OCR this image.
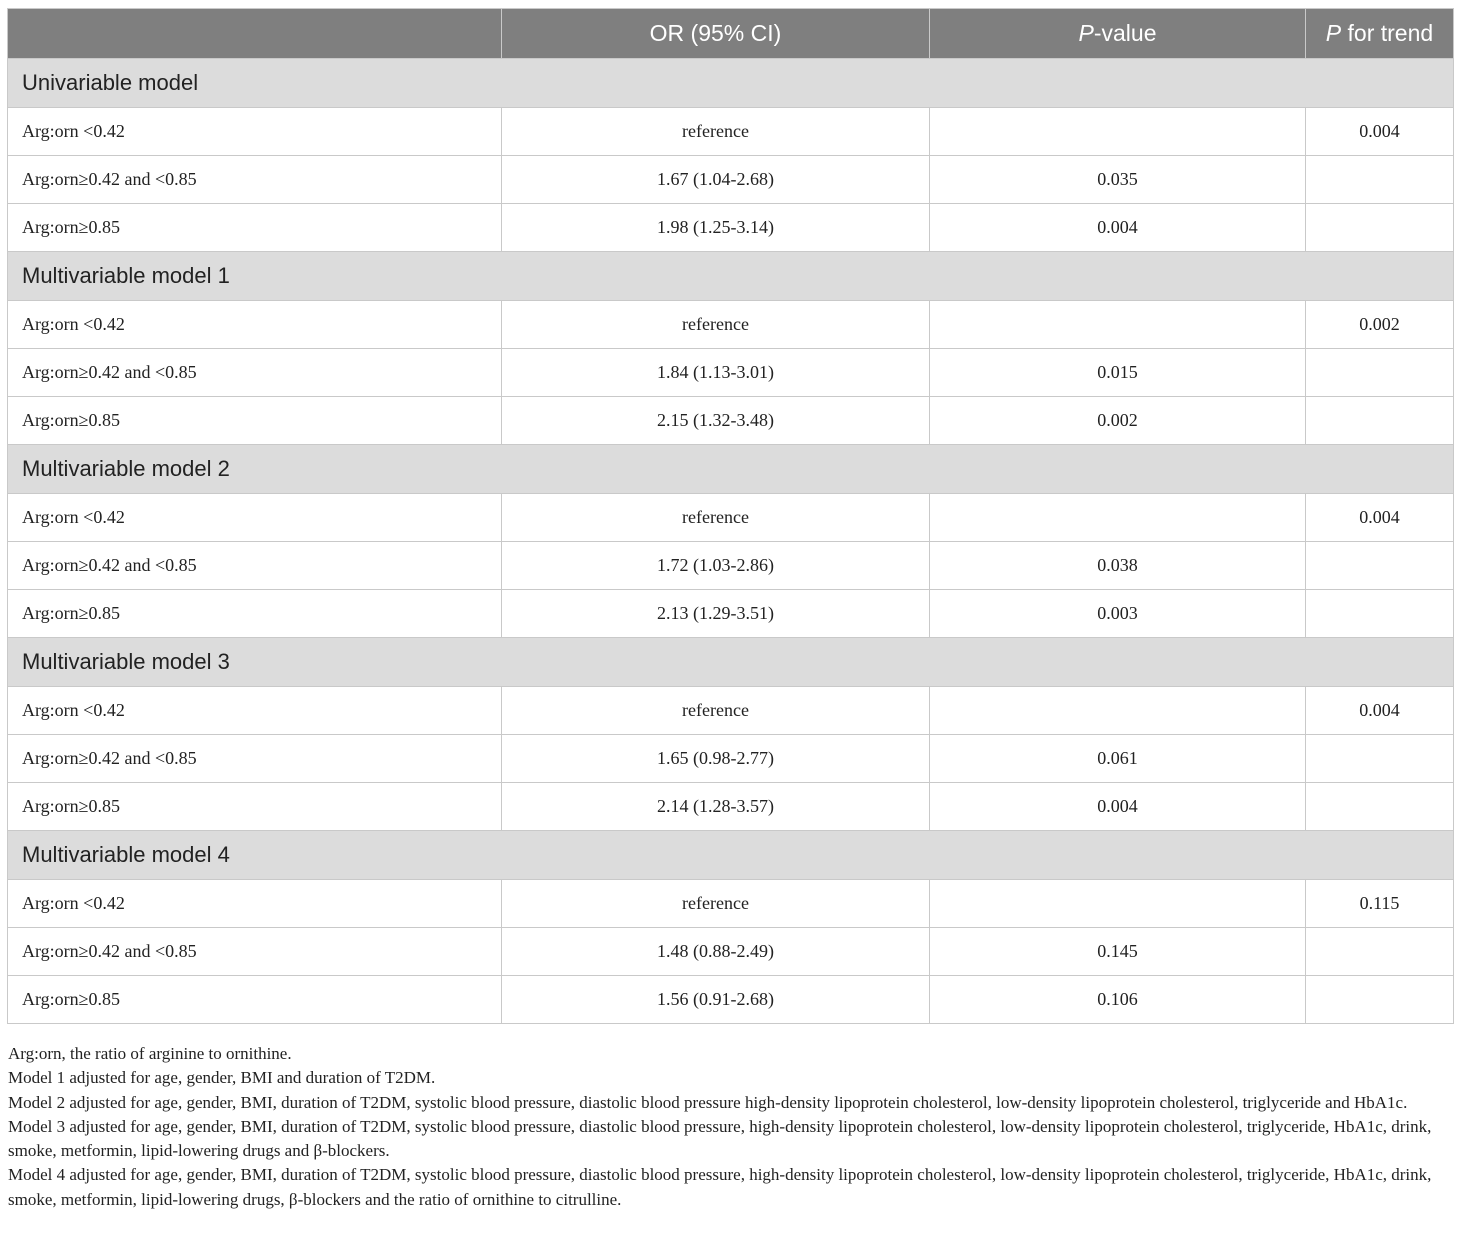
	OR (95% CI)	P-value	P for trend
Univariable model			
Arg:orn <0.42	reference		0.004
Arg:orn≥0.42 and <0.85	1.67 (1.04-2.68)	0.035	
Arg:orn≥0.85	1.98 (1.25-3.14)	0.004	
Multivariable model 1			
Arg:orn <0.42	reference		0.002
Arg:orn≥0.42 and <0.85	1.84 (1.13-3.01)	0.015	
Arg:orn≥0.85	2.15 (1.32-3.48)	0.002	
Multivariable model 2			
Arg:orn <0.42	reference		0.004
Arg:orn≥0.42 and <0.85	1.72 (1.03-2.86)	0.038	
Arg:orn≥0.85	2.13 (1.29-3.51)	0.003	
Multivariable model 3			
Arg:orn <0.42	reference		0.004
Arg:orn≥0.42 and <0.85	1.65 (0.98-2.77)	0.061	
Arg:orn≥0.85	2.14 (1.28-3.57)	0.004	
Multivariable model 4			
Arg:orn <0.42	reference		0.115
Arg:orn≥0.42 and <0.85	1.48 (0.88-2.49)	0.145	
Arg:orn≥0.85	1.56 (0.91-2.68)	0.106	

Arg:orn, the ratio of arginine to ornithine.

Model 1 adjusted for age, gender, BMI and duration of T2DM.

Model 2 adjusted for age, gender, BMI, duration of T2DM, systolic blood pressure, diastolic blood pressure high-density lipoprotein cholesterol, low-density lipoprotein cholesterol, triglyceride and HbA1c.

Model 3 adjusted for age, gender, BMI, duration of T2DM, systolic blood pressure, diastolic blood pressure, high-density lipoprotein cholesterol, low-density lipoprotein cholesterol, triglyceride, HbA1c, drink, smoke, metformin, lipid-lowering drugs and β-blockers.

Model 4 adjusted for age, gender, BMI, duration of T2DM, systolic blood pressure, diastolic blood pressure, high-density lipoprotein cholesterol, low-density lipoprotein cholesterol, triglyceride, HbA1c, drink, smoke, metformin, lipid-lowering drugs, β-blockers and the ratio of ornithine to citrulline.
